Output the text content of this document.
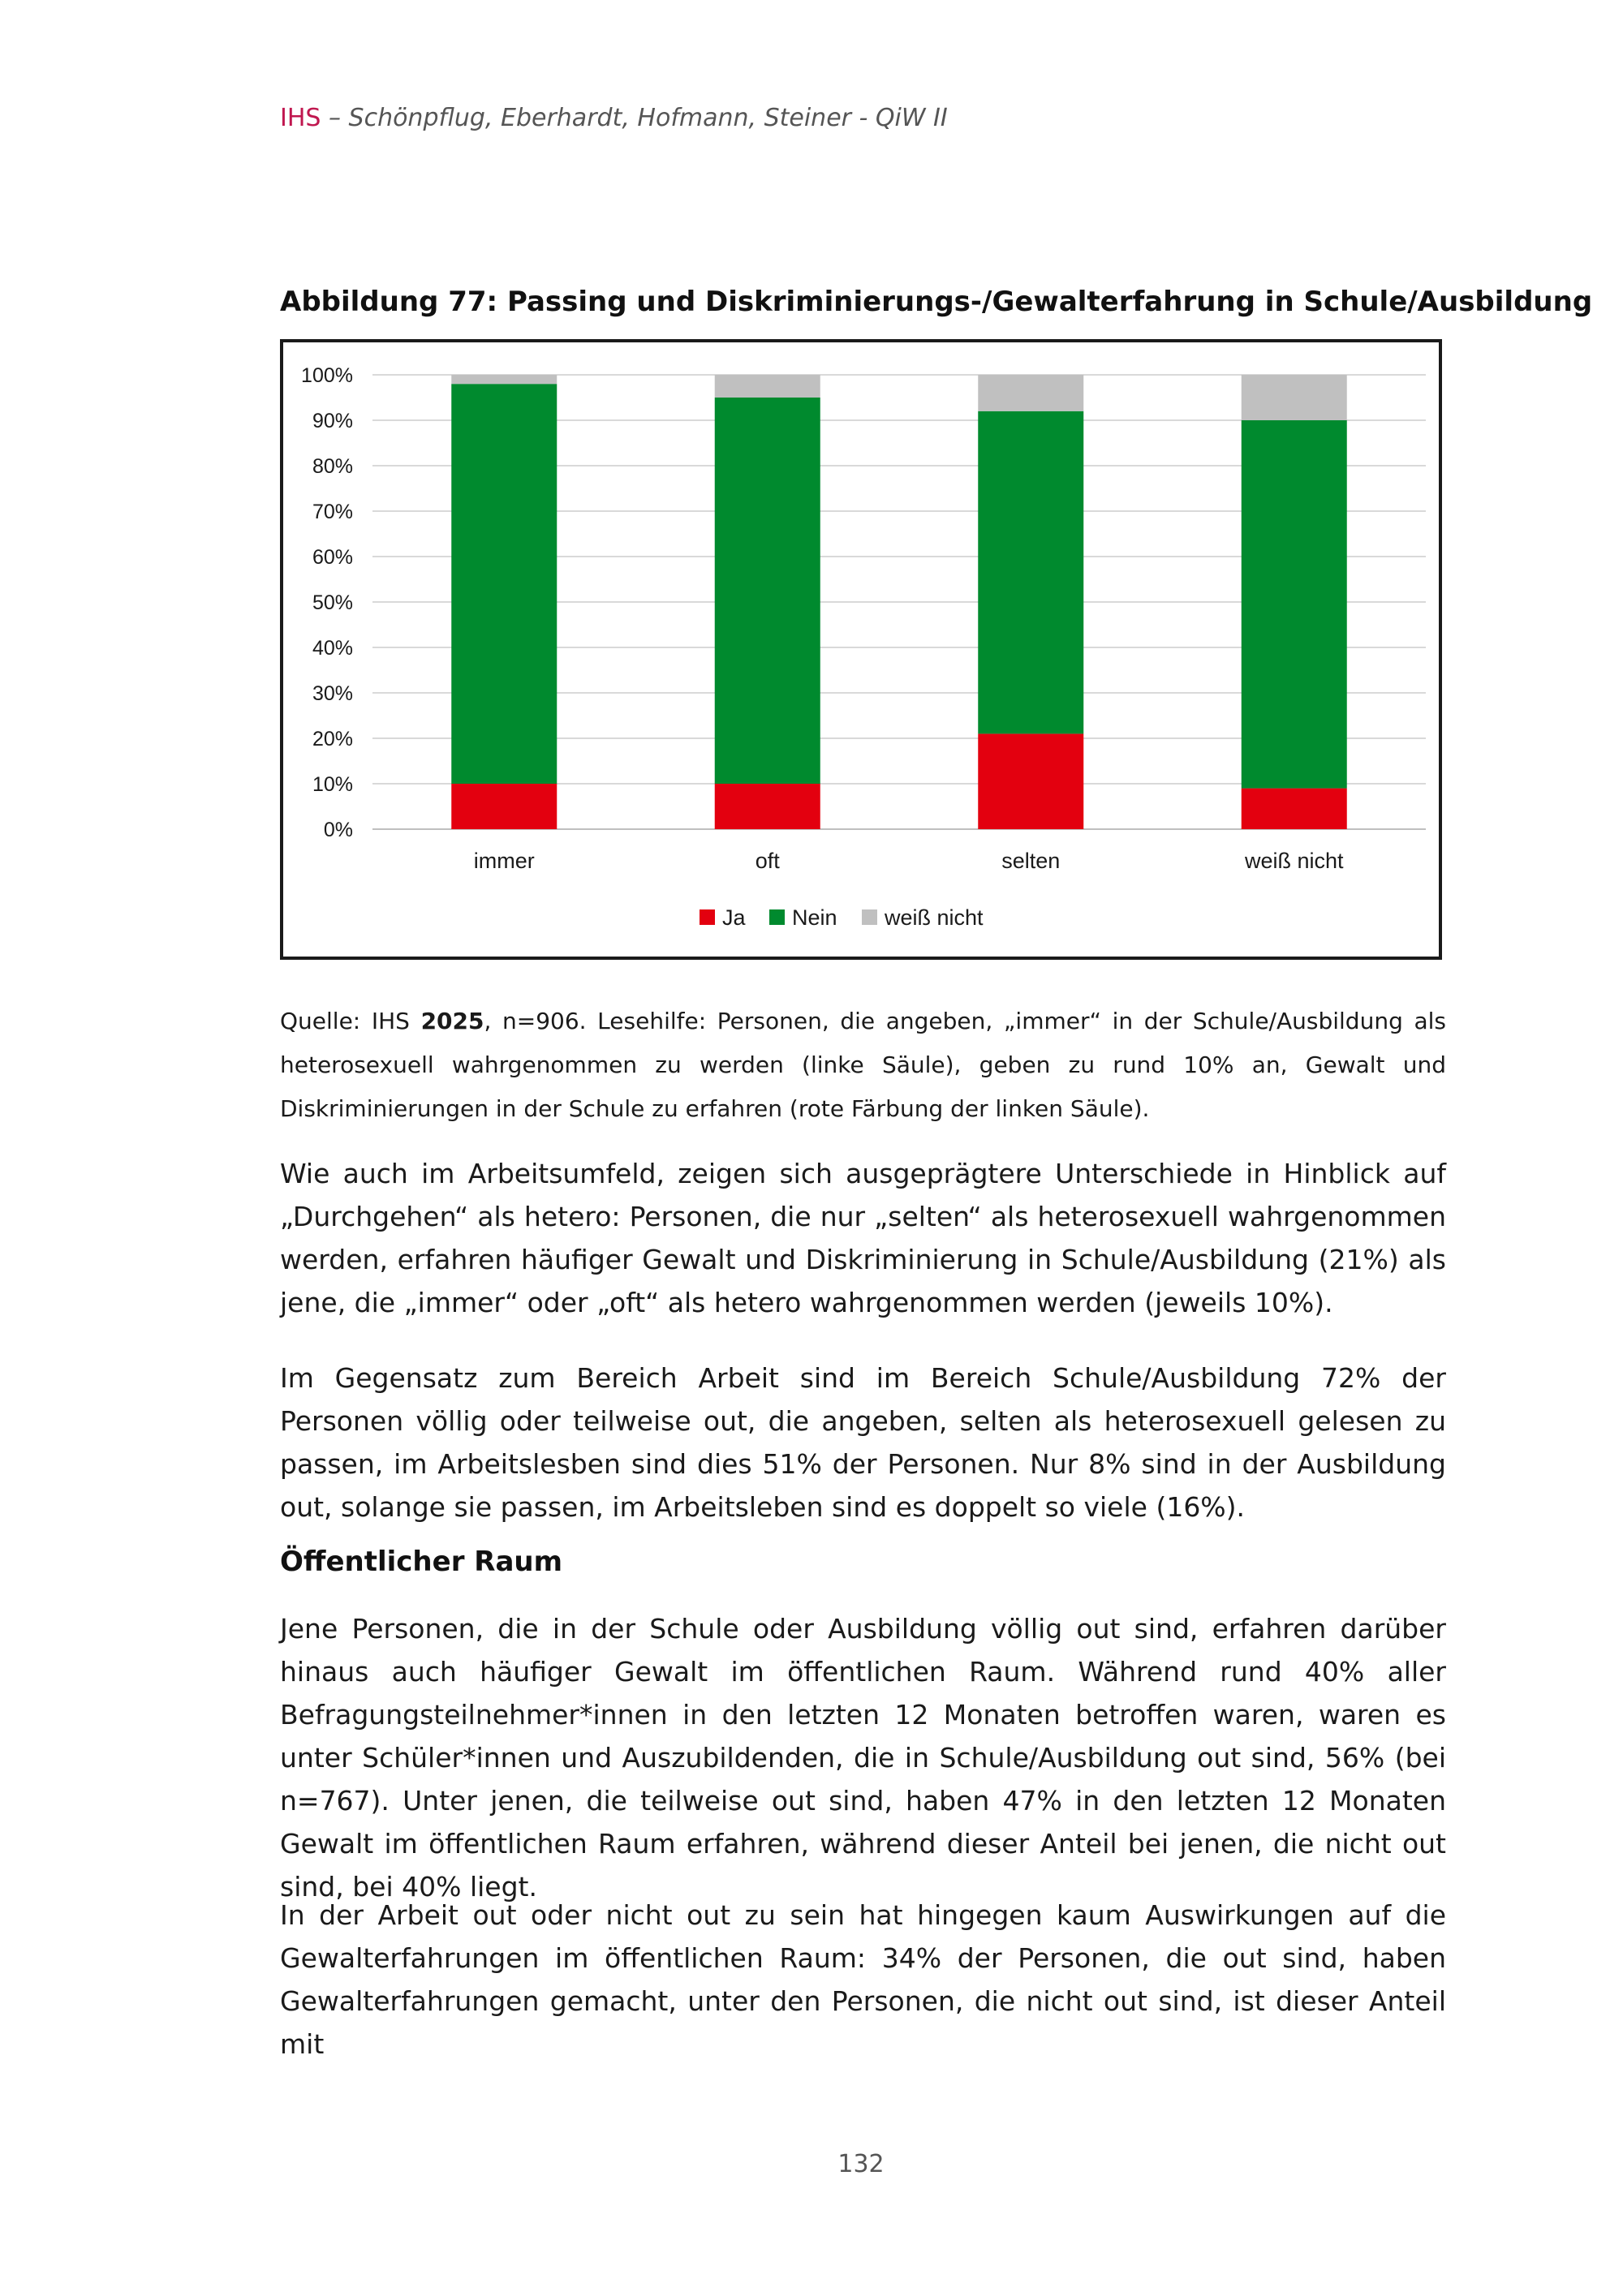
IHS – Schönpflug, Eberhardt, Hofmann, Steiner - QiW II
Abbildung 77: Passing und Diskriminierungs-/Gewalterfahrung in Schule/Ausbildung
0%
10%
20%
30%
40%
50%
60%
70%
80%
90%
100%
immer	oft	selten	weiß nicht
Ja Nein weiß nicht

Quelle: IHS 2025, n=906. Lesehilfe: Personen, die angeben, „immer“ in der Schule/Ausbildung als heterosexuell wahrgenommen zu werden (linke Säule), geben zu rund 10% an, Gewalt und Diskriminierungen in der Schule zu erfahren (rote Färbung der linken Säule).

Wie auch im Arbeitsumfeld, zeigen sich ausgeprägtere Unterschiede in Hinblick auf „Durchgehen“ als hetero: Personen, die nur „selten“ als heterosexuell wahrgenommen werden, erfahren häufiger Gewalt und Diskriminierung in Schule/Ausbildung (21%) als jene, die „immer“ oder „oft“ als hetero wahrgenommen werden (jeweils 10%).

Im Gegensatz zum Bereich Arbeit sind im Bereich Schule/Ausbildung 72% der Personen völlig oder teilweise out, die angeben, selten als heterosexuell gelesen zu passen, im Arbeitslesben sind dies 51% der Personen. Nur 8% sind in der Ausbildung out, solange sie passen, im Arbeitsleben sind es doppelt so viele (16%).

Öffentlicher Raum

Jene Personen, die in der Schule oder Ausbildung völlig out sind, erfahren darüber hinaus auch häufiger Gewalt im öffentlichen Raum. Während rund 40% aller Befragungsteilnehmer*innen in den letzten 12 Monaten betroffen waren, waren es unter Schüler*innen und Auszubildenden, die in Schule/Ausbildung out sind, 56% (bei n=767). Unter jenen, die teilweise out sind, haben 47% in den letzten 12 Monaten Gewalt im öffentlichen Raum erfahren, während dieser Anteil bei jenen, die nicht out sind, bei 40% liegt.

In der Arbeit out oder nicht out zu sein hat hingegen kaum Auswirkungen auf die Gewalterfahrungen im öffentlichen Raum: 34% der Personen, die out sind, haben Gewalterfahrungen gemacht, unter den Personen, die nicht out sind, ist dieser Anteil mit

132
